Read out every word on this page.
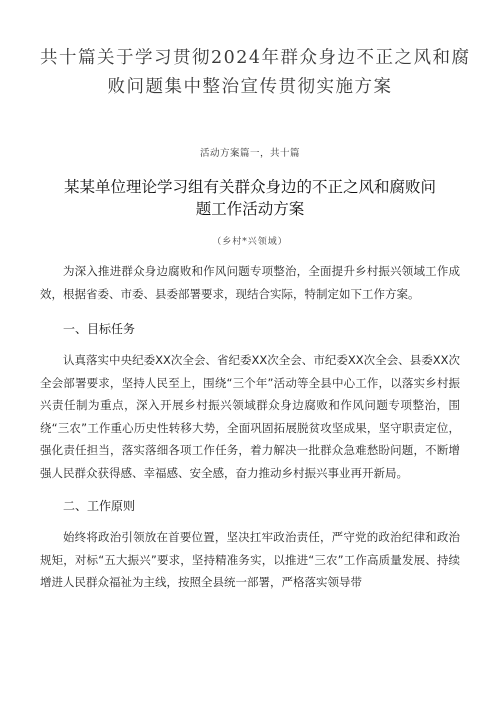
共十篇关于学习贯彻2024年群众身边不正之风和腐
败问题集中整治宣传贯彻实施方案
活动方案篇一，共十篇
某某单位理论学习组有关群众身边的不正之风和腐败问
题工作活动方案
（乡村*兴领域）

为深入推进群众身边腐败和作风问题专项整治，全面提升乡村振兴领域工作成效，根据省委、市委、县委部署要求，现结合实际，特制定如下工作方案。

一、目标任务

认真落实中央纪委XX次全会、省纪委XX次全会、市纪委XX次全会、县委XX次全会部署要求，坚持人民至上，围绕“三个年”活动等全县中心工作，以落实乡村振兴责任制为重点，深入开展乡村振兴领域群众身边腐败和作风问题专项整治，围绕“三农”工作重心历史性转移大势，全面巩固拓展脱贫攻坚成果，坚守职责定位，强化责任担当，落实落细各项工作任务，着力解决一批群众急难愁盼问题，不断增强人民群众获得感、幸福感、安全感，奋力推动乡村振兴事业再开新局。

二、工作原则

始终将政治引领放在首要位置，坚决扛牢政治责任，严守党的政治纪律和政治规矩，对标“五大振兴”要求，坚持精准务实，以推进“三农”工作高质量发展、持续增进人民群众福祉为主线，按照全县统一部署，严格落实领导带
